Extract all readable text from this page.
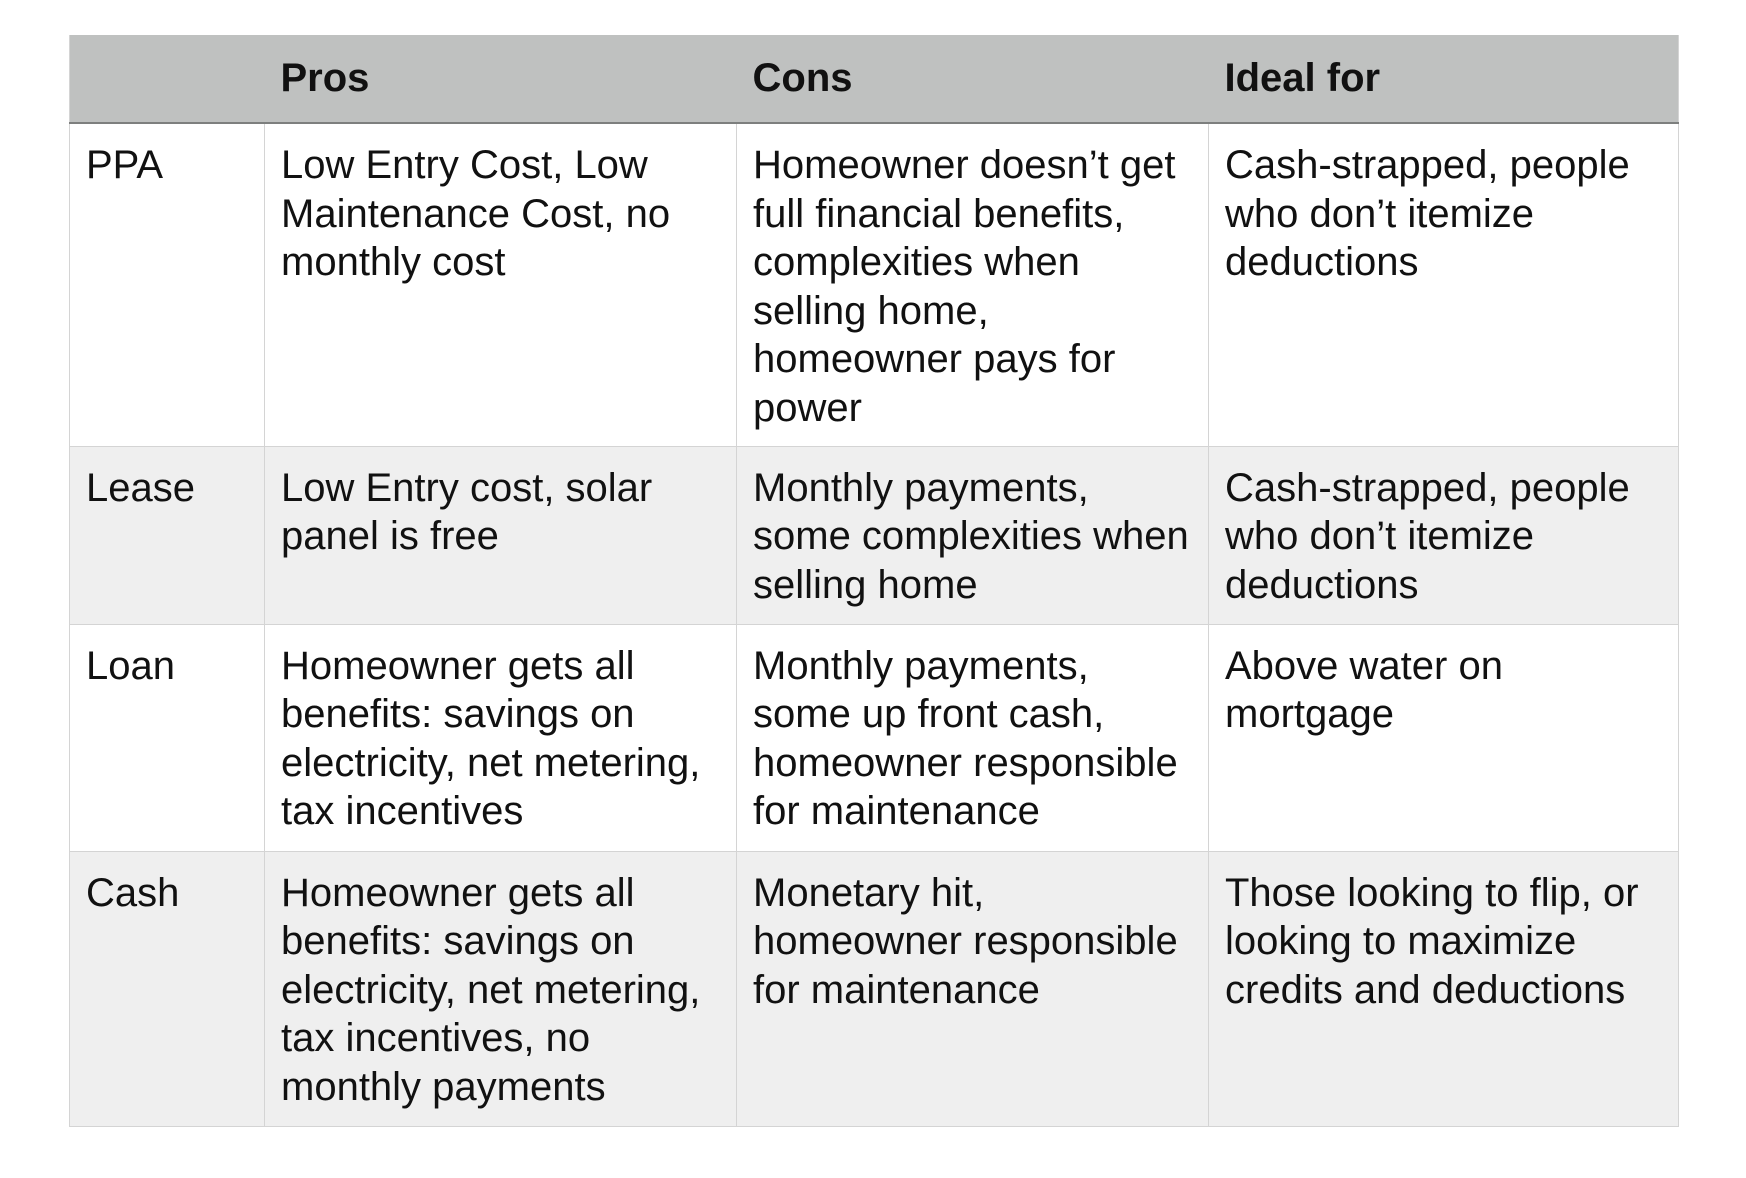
	Pros	Cons	Ideal for
PPA	Low Entry Cost, Low Maintenance Cost, no monthly cost	Homeowner doesn’t get full financial benefits, complexities when selling home, homeowner pays for power	Cash-strapped, people who don’t itemize deductions
Lease	Low Entry cost, solar panel is free	Monthly payments, some complexities when selling home	Cash-strapped, people who don’t itemize deductions
Loan	Homeowner gets all benefits: savings on electricity, net metering, tax incentives	Monthly payments, some up front cash, homeowner responsible for maintenance	Above water on mortgage
Cash	Homeowner gets all benefits: savings on electricity, net metering, tax incentives, no monthly payments	Monetary hit, homeowner responsible for maintenance	Those looking to flip, or looking to maximize credits and deductions
